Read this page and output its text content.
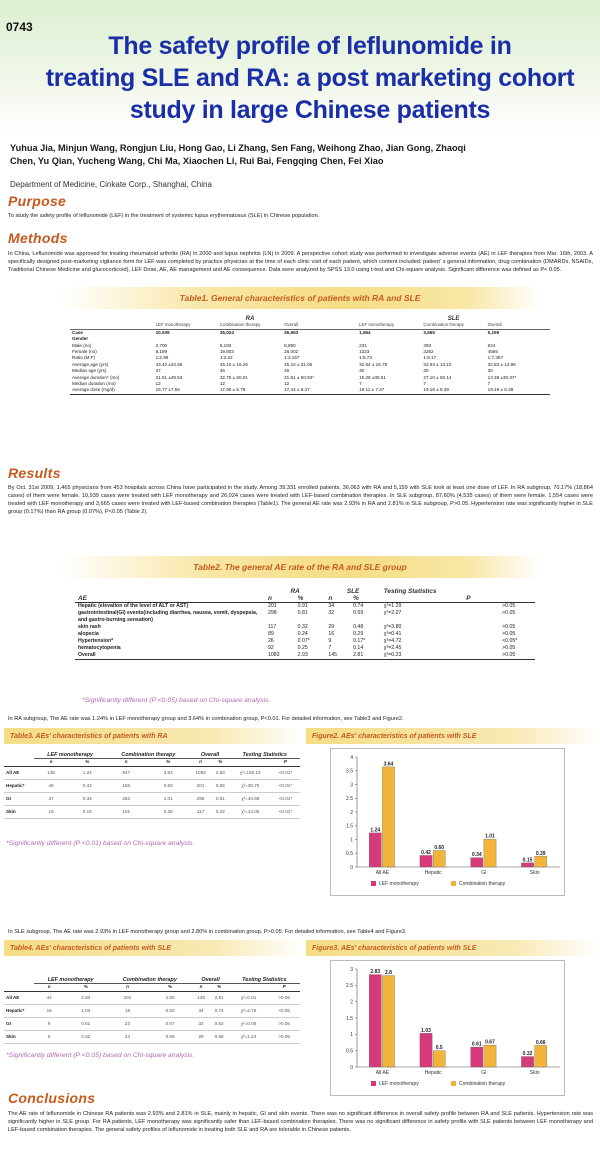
0743
The safety profile of leflunomide in
treating SLE and RA: a post marketing cohort
study in large Chinese patients
Yuhua Jia, Minjun Wang, Rongjun Liu, Hong Gao, Li Zhang, Sen Fang, Weihong Zhao, Jian Gong, Zhaoqi
Chen, Yu Qian, Yucheng Wang, Chi Ma, Xiaochen Li, Rui Bai, Fengqing Chen, Fei Xiao
Department of Medicine, Cinkate Corp., Shanghai, China
Purpose
To study the safety profile of leflunomide (LEF) in the treatment of systemic lupus erythematosus (SLE) in Chinese population.
Methods
In China, Leflunomide was approved for treating rheumatoid arthritis (RA) in 2000 and lupus nephritis (LN) in 2009. A perspective cohort study was performed to investigate adverse events (AE) in LEF therapies from Mar. 16th, 2003. A specifically designed post-marketing vigilance form for LEF was completed by practice physician at the time of each clinic visit of each patient, which content included: patient' s general information, drug combination (DMARDs, NSAIDs, Traditional Chinese Medicine and glucocorticoid), LEF Dose, AE, AE management and AE consequence. Data were analyzed by SPSS 13.0 using t-test and Chi-square analysis. Significant difference was defined as P< 0.05.
Table1. General characteristics of patients with RA and SLE
	RA				SLE		
	LEF monotherapy	Combination therapy	Overall		LEF monotherapy	Combination therapy	Overall
Case	10,939	26,024	36,963		1,554	3,655	5,199
Gender							
Male (no)	2,700	6,193	8,890		231	393	624
Female (no)	8,189	19,803	28,002		1323	3262	4585
Ratio (M:F)	1:2.98	1:3.22	1:3.157		1:5.73	1:8.17	1:7.357
Average age (yrs)	43.42 ±34.56	45.10 ± 16.26	45.22 ± 21.06		32.64 ± 16.78	32.93 ± 13.10	32.83 ± 13.96
Median age (yrs)	47	46	46		30	30	30
Average duration* (mo)	21.61 ±49.53	32.75 ± 60.01	21.81 ± 60.93*		15.29 ±35.01	27.10 ± 60.14	13.38 ±30.37*
Median duration (mo)	12	12	12		7	7	7
Average dose (mg/d)	19.77 ±7.55	17.90 ± 5.79	17.44 ± 8.47		19.11 ± 7.37	19.18 ± 8.38	19.19 ± 6.38
Results
By Oct. 31st 2009, 1,465 physicians from 453 hospitals across China have participated in the study. Among 39,331 enrolled patients, 36,063 with RA and 5,159 with SLE took at least one dose of LEF. In RA subgroup, 70.17% (18,864 cases) of them were female. 10,939 cases were treated with LEF monotherapy and 26,024 cases were treated with LEF-based combination therapies. In SLE subgroup, 87.60% (4,535 cases) of them were female. 1,554 cases were treated with LEF monotherapy and 3,665 cases were treated with LEF-based combination therapies (Table1). The general AE rate was 2.93% in RA and 2.81% in SLE subgroup, P>0.05. Hypertension rate was significantly higher in SLE group (0.17%) than RA group (0.07%), P<0.05 (Table 2).
Table2. The general AE rate of the RA and SLE group
	RA		SLE		Testing Statistics		
AE	n	%	n	%		P	
Hepatic (elevation of the level of ALT or AST)	201	0.91	34	0.74	χ²=1.29		>0.05
gastrointestinal(GI) events(including diarrhea, nausea, vomit, dyspepsia, and gastro-burning sensation)	298	0.81	32	0.59	χ²=2.07		>0.05
skin rash	117	0.32	29	0.48	χ²=3.80		>0.05
alopecia	89	0.24	16	0.29	χ²=0.41		>0.05
Hypertension*	26	0.07*	9	0.17*	χ²=4.72		<0.05*
hematocytopenia	92	0.25	7	0.14	χ²=2.45		>0.05
Overall	1083	2.93	145	2.81	χ²=0.23		>0.05
*Significantly different (P <0.05) based on Chi-square analysis.
In RA subgroup, The AE rate was 1.24% in LEF monotherapy group and 3.64% in combination group, P<0.01. For detailed information, see Table3 and Figure2.
Table3. AEs' characteristics of patients with RA
	LEF monotherapy		Combination therapy		Overall		Testing Statistics	
	n	%	n	%	n	%		P
All AE	136	1.24	947	3.64	1083	2.93	χ²=150.13	<0.01*
Hepatic*	46	0.42	155	0.60	201	0.55	χ²=30.70	<0.01*
GI	37	0.34	262	1.01	298	0.81	χ²=40.68	<0.01*
Skin	16	0.15	101	0.39	117	0.32	χ²=14.05	<0.01*
*Significantly different (P <0.01) based on Chi-square analysis.
Figure2. AEs' characteristics of patients with SLE
0
0.5
1
1.5
2
2.5
3
3.5
4
1.24
3.64
All AE
0.42
0.60
Hepatic
0.34
1.01
GI
0.15
0.39
Skin
LEF monotherapy	Combination therapy
In SLE subgroup, The AE rate was 2.93% in LEF monotherapy group and 2.80% in combination group, P>0.05. For detailed information, see Table4 and Figure3.
Table4. AEs' characteristics of patients with SLE
	LEF monotherapy		Combination therapy		Overall		Testing Statistics	
	n	%	n	%	n	%		P
All AE	44	2.83	101	2.80	145	2.81	χ²=0.01	>0.05
Hepatic*	16	1.03	18	0.50	34	0.74	χ²=4.75	<0.05
GI	9	0.61	23	0.67	32	0.62	χ²=0.09	>0.05
Skin	5	0.32	24	0.66	29	0.56	χ²=1.24	>0.05
*Significantly different (P <0.05) based on Chi-square analysis.
Figure3. AEs' characteristics of patients with SLE
0
0.5
1
1.5
2
2.5
3	2.83 2.8
All AE
1.03
0.5
Hepatic
0.61 0.67
GI
0.32
0.66
Skin
LEF monotherapy	Combination therapy
Conclusions
The AE rate of leflunomide in Chinese RA patients was 2.93% and 2.81% in SLE, mainly in hepatic, GI and skin events. There was no significant difference in overall safety profile between RA and SLE patients. Hypertension rate was significantly higher in SLE group. For RA patients, LEF monotherapy was significantly safer than LEF-based combination therapies. There was no significant difference in safety profile with SLE patients between LEF monotherapy and LEF-based combination therapies. The general safety profiles of leflunomide in treating both SLE and RA are tolerable in Chinese patients.
